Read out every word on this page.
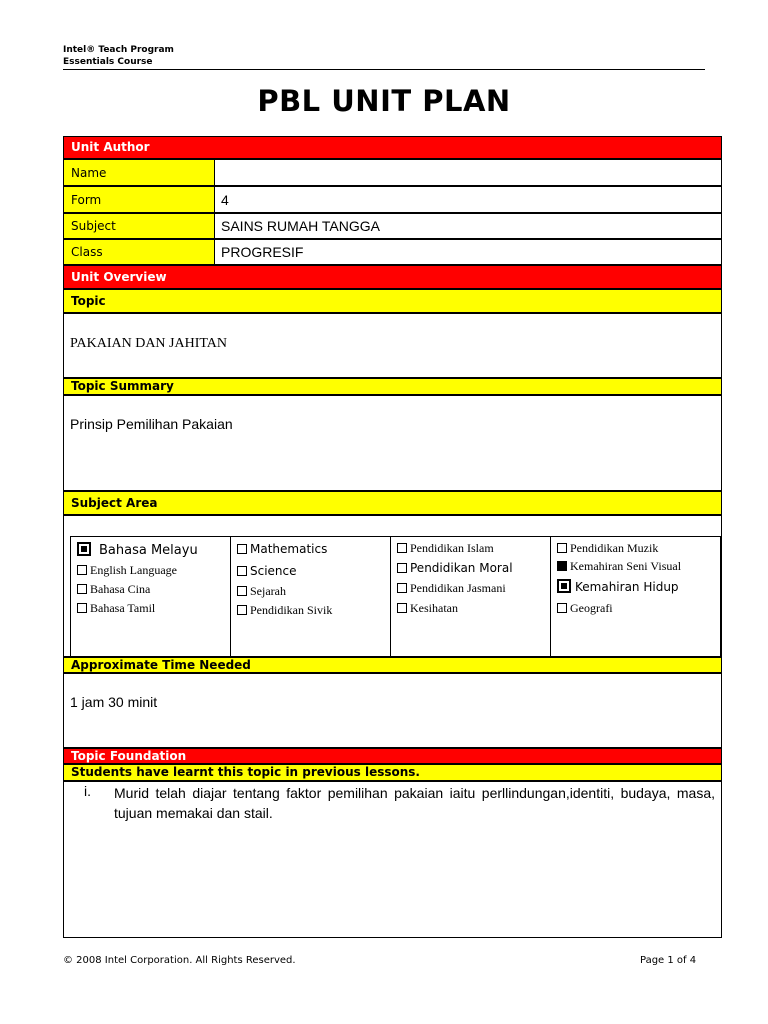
Intel® Teach Program
Essentials Course
PBL UNIT PLAN
Unit Author
Name
Form	4
Subject	SAINS RUMAH TANGGA
Class	PROGRESIF
Unit Overview
Topic
PAKAIAN DAN JAHITAN
Topic Summary
Prinsip Pemilihan Pakaian
Subject Area
Bahasa Melayu
English Language
Bahasa Cina
Bahasa Tamil
Mathematics
Science
Sejarah
Pendidikan Sivik
Pendidikan Islam
Pendidikan Moral
Pendidikan Jasmani
Kesihatan
Pendidikan Muzik
Kemahiran Seni Visual
Kemahiran Hidup
Geografi
Approximate Time Needed
1 jam 30 minit
Topic Foundation
Students have learnt this topic in previous lessons.
i. Murid telah diajar tentang faktor pemilihan pakaian iaitu perllindungan,identiti, budaya, masa, tujuan memakai dan stail.
© 2008 Intel Corporation. All Rights Reserved.	Page 1 of 4
